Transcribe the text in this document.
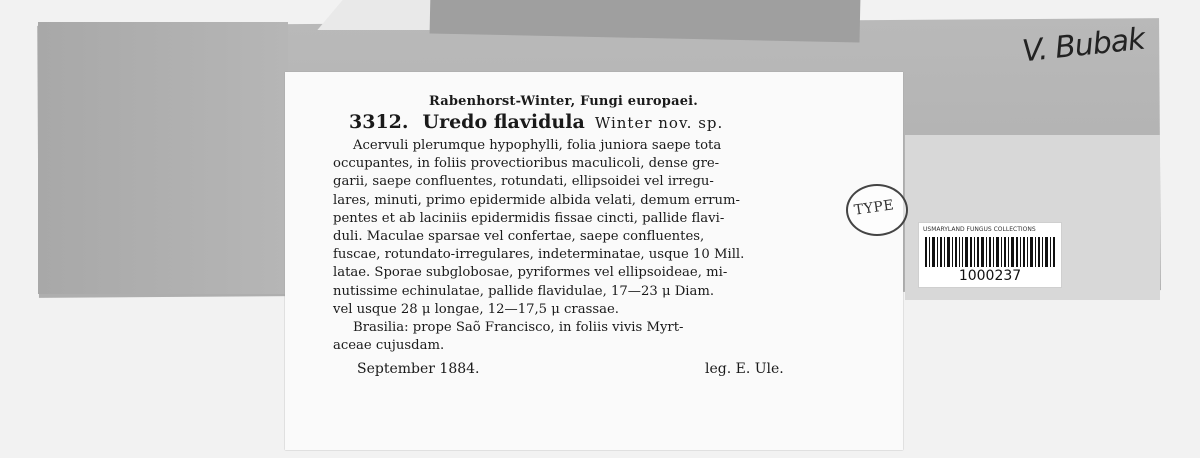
V. Bubak
USMARYLAND FUNGUS COLLECTIONS
1000237
Rabenhorst-Winter, Fungi europaei.
3312. Uredo flavidula Winter nov. sp.
Acervuli plerumque hypophylli, folia juniora saepe tota
occupantes, in foliis provectioribus maculicoli, dense gre-
garii, saepe confluentes, rotundati, ellipsoidei vel irregu-
lares, minuti, primo epidermide albida velati, demum errum-
pentes et ab laciniis epidermidis fissae cincti, pallide flavi-
duli. Maculae sparsae vel confertae, saepe confluentes,
fuscae, rotundato-irregulares, indeterminatae, usque 10 Mill.
latae. Sporae subglobosae, pyriformes vel ellipsoideae, mi-
nutissime echinulatae, pallide flavidulae, 17—23 μ Diam.
vel usque 28 μ longae, 12—17,5 μ crassae.
Brasilia: prope Saõ Francisco, in foliis vivis Myrt-
aceae cujusdam.
September 1884.	leg. E. Ule.
TYPE
